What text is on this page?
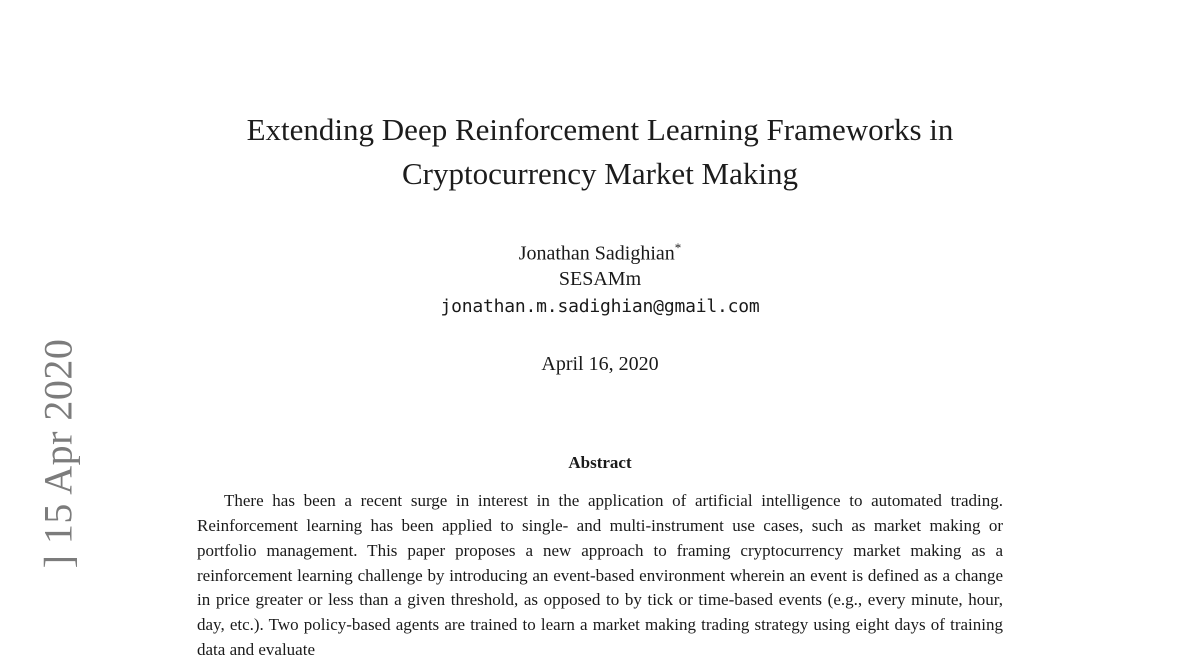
] 15 Apr 2020
Extending Deep Reinforcement Learning Frameworks in Cryptocurrency Market Making
Jonathan Sadighian*
SESAMm
jonathan.m.sadighian@gmail.com
April 16, 2020
Abstract
There has been a recent surge in interest in the application of artificial intelligence to automated trading. Reinforcement learning has been applied to single- and multi-instrument use cases, such as market making or portfolio management. This paper proposes a new approach to framing cryptocurrency market making as a reinforcement learning challenge by introducing an event-based environment wherein an event is defined as a change in price greater or less than a given threshold, as opposed to by tick or time-based events (e.g., every minute, hour, day, etc.). Two policy-based agents are trained to learn a market making trading strategy using eight days of training data and evaluate
